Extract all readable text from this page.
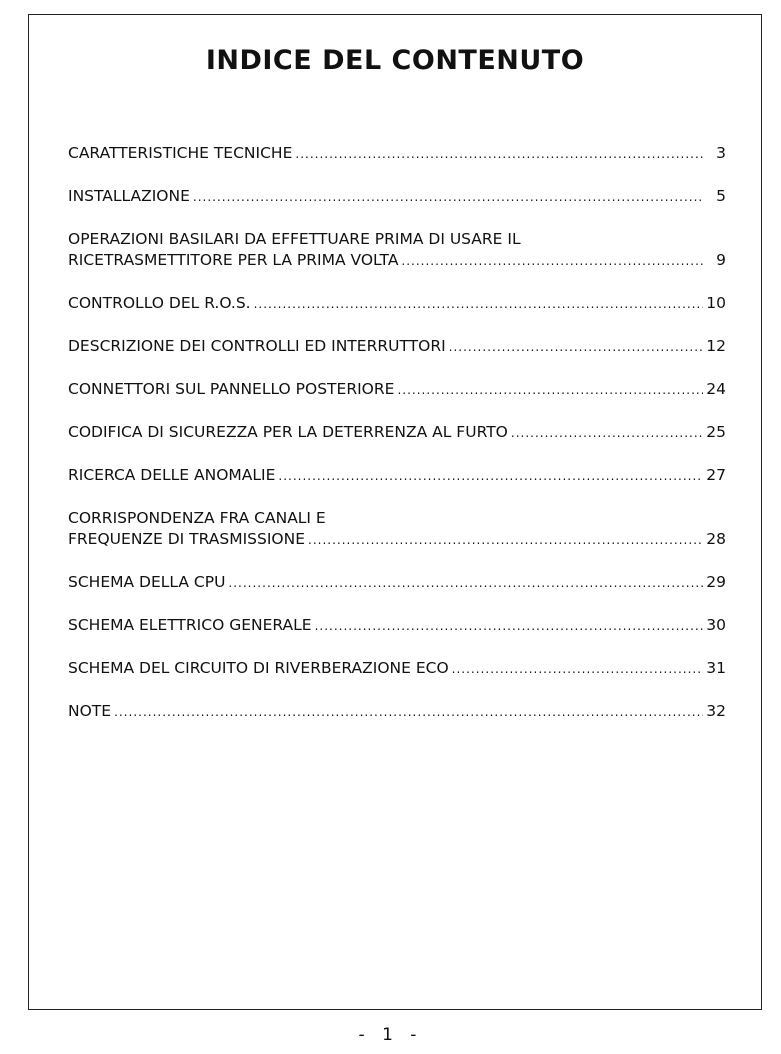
INDICE DEL CONTENUTO
CARATTERISTICHE TECNICHE .....	3
INSTALLAZIONE .....	5
OPERAZIONI BASILARI DA EFFETTUARE PRIMA DI USARE IL
RICETRASMETTITORE PER LA PRIMA VOLTA .....	9
CONTROLLO DEL R.O.S. .....	10
DESCRIZIONE DEI CONTROLLI ED INTERRUTTORI .....	12
CONNETTORI SUL PANNELLO POSTERIORE .....	24
CODIFICA DI SICUREZZA PER LA DETERRENZA AL FURTO .....	25
RICERCA DELLE ANOMALIE .....	27
CORRISPONDENZA FRA CANALI E
FREQUENZE DI TRASMISSIONE .....	28
SCHEMA DELLA CPU .....	29
SCHEMA ELETTRICO GENERALE .....	30
SCHEMA DEL CIRCUITO DI RIVERBERAZIONE ECO .....	31
NOTE .....	32
- 1 -
